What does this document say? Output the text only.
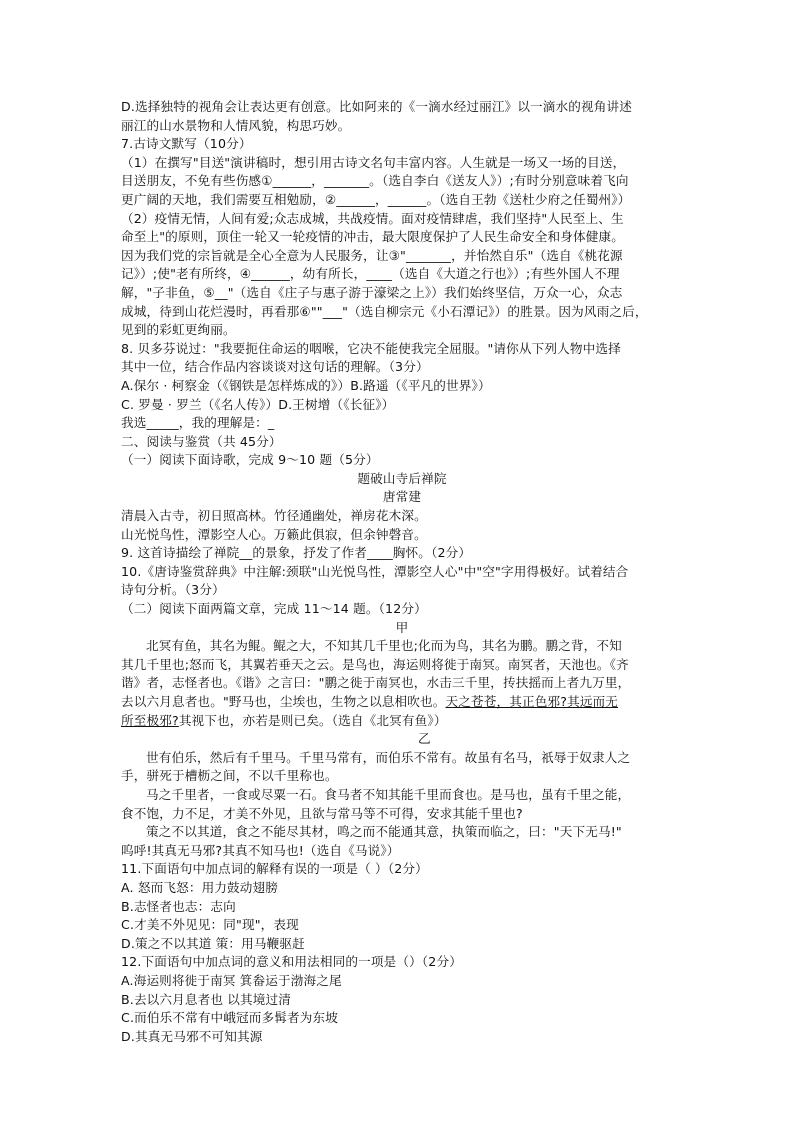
D.选择独特的视角会让表达更有创意。比如阿来的《一滴水经过丽江》以一滴水的视角讲述
丽江的山水景物和人情风貌，构思巧妙。
7.古诗文默写（10分）
（1）在撰写"目送"演讲稿时，想引用古诗文名句丰富内容。人生就是一场又一场的目送，
目送朋友，不免有些伤感①______，_______。（选自李白《送友人》）;有时分别意味着飞向
更广阔的天地，我们需要互相勉励，②______，______。（选自王勃《送杜少府之任蜀州》）
（2）疫情无情，人间有爱;众志成城，共战疫情。面对疫情肆虐，我们坚持"人民至上、生
命至上"的原则，顶住一轮又一轮疫情的冲击，最大限度保护了人民生命安全和身体健康。
因为我们党的宗旨就是全心全意为人民服务，让③"_______，并怡然自乐"（选自《桃花源
记》）;使"老有所终，④______，幼有所长，____（选自《大道之行也》）;有些外国人不理
解，"子非鱼，⑤__"（选自《庄子与惠子游于濠梁之上》）我们始终坚信，万众一心，众志
成城，待到山花烂漫时，再看那⑥""___"（选自柳宗元《小石潭记》）的胜景。因为风雨之后，
见到的彩虹更绚丽。
8. 贝多芬说过："我要扼住命运的咽喉，它决不能使我完全屈服。"请你从下列人物中选择
其中一位，结合作品内容谈谈对这句话的理解。（3分）
A.保尔 · 柯察金（《钢铁是怎样炼成的》）B.路遥（《平凡的世界》）
C. 罗曼 · 罗兰（《名人传》）D.王树增（《长征》）
我选_____，我的理解是：_
二、阅读与鉴赏（共 45分）
（一）阅读下面诗歌，完成 9～10 题（5分）
题破山寺后禅院
唐常建
清晨入古寺，初日照高林。竹径通幽处，禅房花木深。
山光悦鸟性，潭影空人心。万籁此俱寂，但余钟磬音。
9. 这首诗描绘了禅院__的景象，抒发了作者____胸怀。（2分）
10.《唐诗鉴赏辞典》中注解:颈联"山光悦鸟性，潭影空人心"中"空"字用得极好。试着结合
诗句分析。（3分）
（二）阅读下面两篇文章，完成 11～14 题。（12分）
甲
北冥有鱼，其名为鲲。鲲之大，不知其几千里也;化而为鸟，其名为鹏。鹏之背，不知
其几千里也;怒而飞，其翼若垂天之云。是鸟也，海运则将徙于南冥。南冥者，天池也。《齐
谐》者，志怪者也。《谐》之言曰："鹏之徙于南冥也，水击三千里，抟扶摇而上者九万里，
去以六月息者也。"野马也，尘埃也，生物之以息相吹也。天之苍苍，其正色邪?其远而无
所至极邪?其视下也，亦若是则已矣。（选自《北冥有鱼》）
乙
世有伯乐，然后有千里马。千里马常有，而伯乐不常有。故虽有名马，祇辱于奴隶人之
手，骈死于槽枥之间，不以千里称也。
马之千里者，一食或尽粟一石。食马者不知其能千里而食也。是马也，虽有千里之能，
食不饱，力不足，才美不外见，且欲与常马等不可得，安求其能千里也?
策之不以其道，食之不能尽其材，鸣之而不能通其意，执策而临之，曰："天下无马!"
呜呼!其真无马邪?其真不知马也!（选自《马说》）
11.下面语句中加点词的解释有误的一项是（ ）（2分）
A. 怒而飞怒：用力鼓动翅膀
B.志怪者也志：志向
C.才美不外见见：同"现"，表现
D.策之不以其道 策：用马鞭驱赶
12.下面语句中加点词的意义和用法相同的一项是（）（2分）
A.海运则将徙于南冥 箕畚运于渤海之尾
B.去以六月息者也 以其境过清
C.而伯乐不常有中峨冠而多髯者为东坡
D.其真无马邪不可知其源
